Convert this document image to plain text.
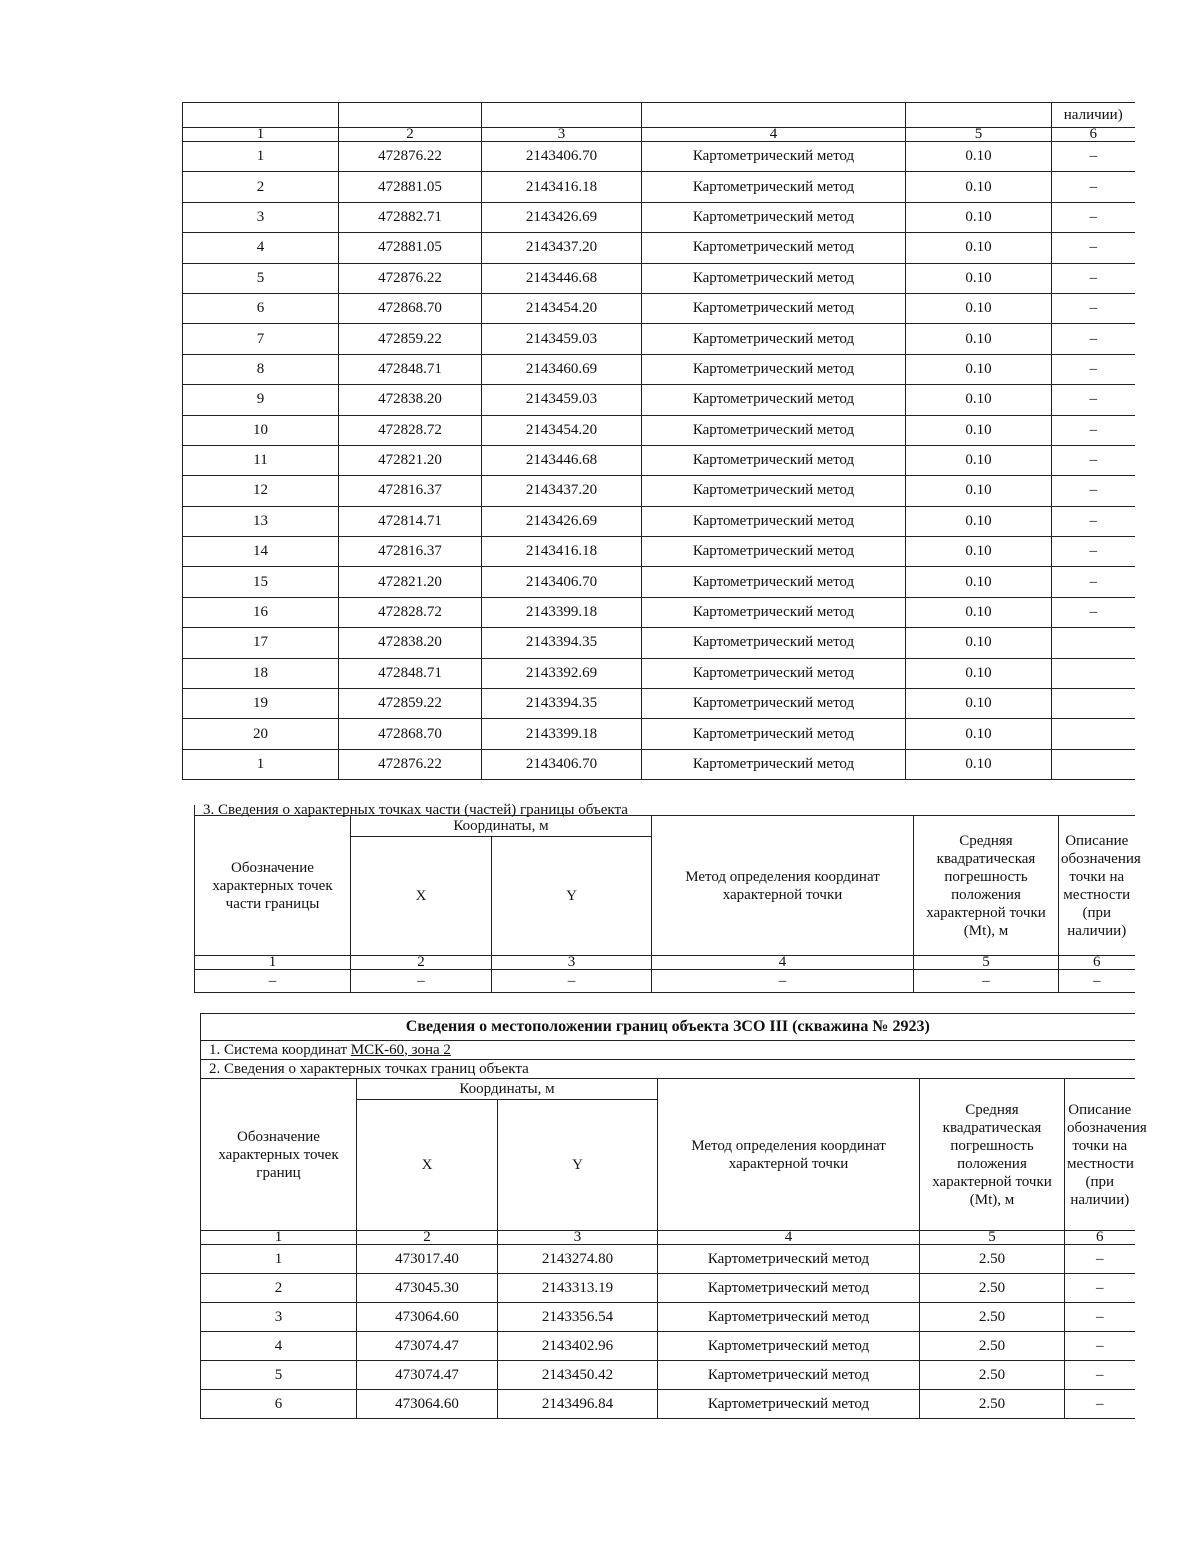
					наличии)
1	2	3	4	5	6
1	472876.22	2143406.70	Картометрический метод	0.10	–
2	472881.05	2143416.18	Картометрический метод	0.10	–
3	472882.71	2143426.69	Картометрический метод	0.10	–
4	472881.05	2143437.20	Картометрический метод	0.10	–
5	472876.22	2143446.68	Картометрический метод	0.10	–
6	472868.70	2143454.20	Картометрический метод	0.10	–
7	472859.22	2143459.03	Картометрический метод	0.10	–
8	472848.71	2143460.69	Картометрический метод	0.10	–
9	472838.20	2143459.03	Картометрический метод	0.10	–
10	472828.72	2143454.20	Картометрический метод	0.10	–
11	472821.20	2143446.68	Картометрический метод	0.10	–
12	472816.37	2143437.20	Картометрический метод	0.10	–
13	472814.71	2143426.69	Картометрический метод	0.10	–
14	472816.37	2143416.18	Картометрический метод	0.10	–
15	472821.20	2143406.70	Картометрический метод	0.10	–
16	472828.72	2143399.18	Картометрический метод	0.10	–
17	472838.20	2143394.35	Картометрический метод	0.10	
18	472848.71	2143392.69	Картометрический метод	0.10	
19	472859.22	2143394.35	Картометрический метод	0.10	
20	472868.70	2143399.18	Картометрический метод	0.10	
1	472876.22	2143406.70	Картометрический метод	0.10	
3. Сведения о характерных точках части (частей) границы объекта					
Обозначение характерных точек части границы	Координаты, м		Метод определения координат характерной точки	Средняя квадратическая погрешность положения характерной точки (Mt), м	Описание обозначения точки на местности (при наличии)
	X	Y			
1	2	3	4	5	6
–	–	–	–	–	–
Сведения о местоположении границ объекта ЗСО III (скважина № 2923)					
1. Система координат МСК-60, зона 2					
2. Сведения о характерных точках границ объекта					
Обозначение характерных точек границ	Координаты, м		Метод определения координат характерной точки	Средняя квадратическая погрешность положения характерной точки (Mt), м	Описание обозначения точки на местности (при наличии)
	X	Y			
1	2	3	4	5	6
1	473017.40	2143274.80	Картометрический метод	2.50	–
2	473045.30	2143313.19	Картометрический метод	2.50	–
3	473064.60	2143356.54	Картометрический метод	2.50	–
4	473074.47	2143402.96	Картометрический метод	2.50	–
5	473074.47	2143450.42	Картометрический метод	2.50	–
6	473064.60	2143496.84	Картометрический метод	2.50	–
